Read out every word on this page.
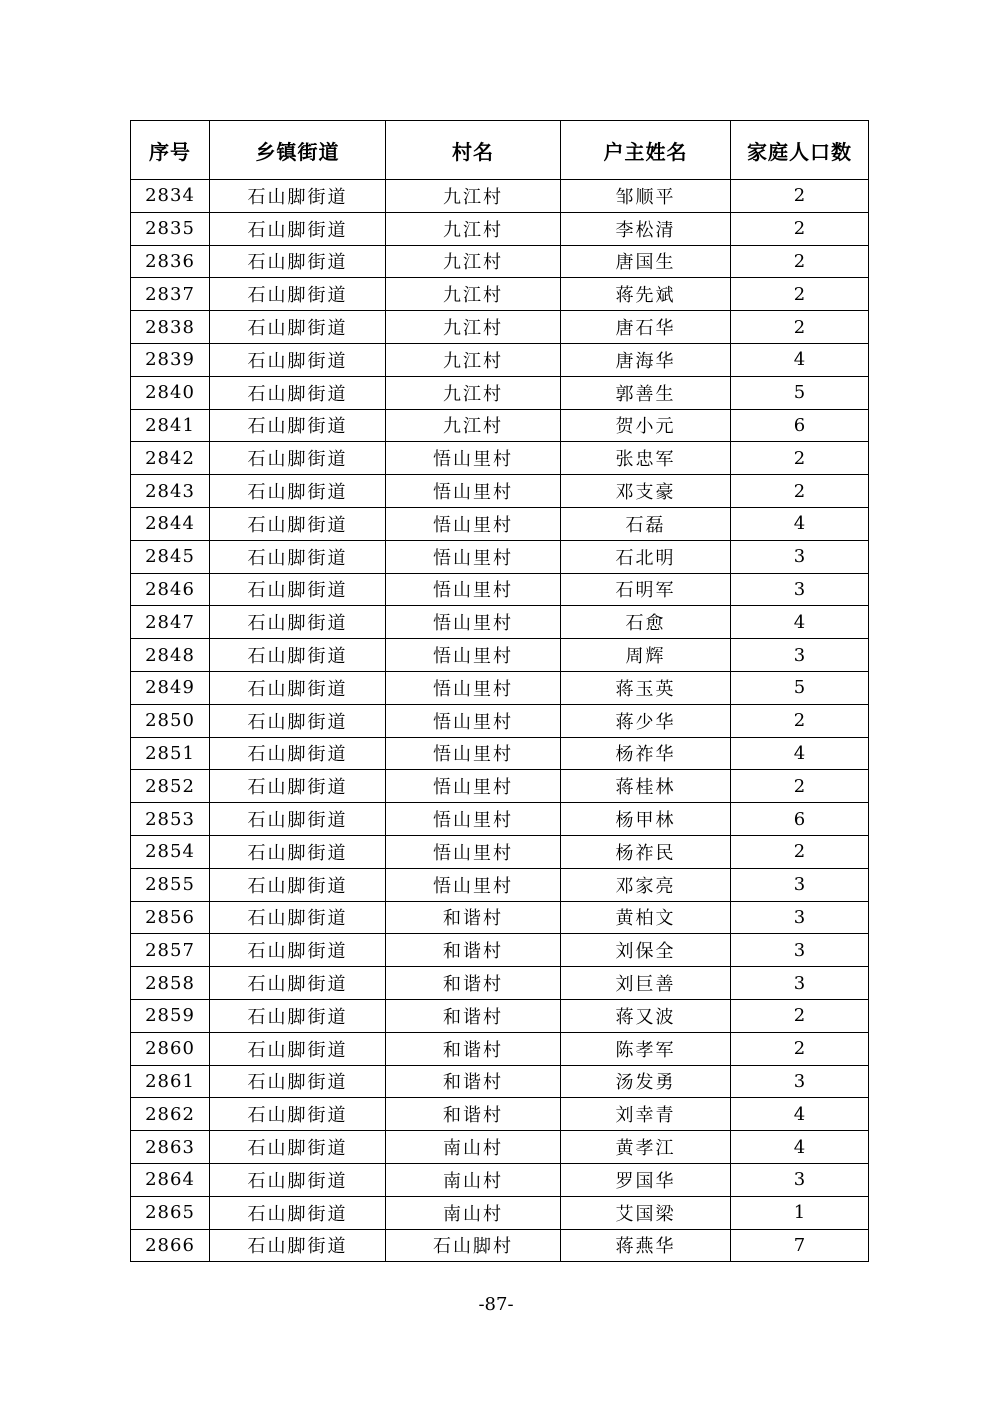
序号	乡镇街道	村名	户主姓名	家庭人口数
2834	石山脚街道	九江村	邹顺平	2
2835	石山脚街道	九江村	李松清	2
2836	石山脚街道	九江村	唐国生	2
2837	石山脚街道	九江村	蒋先斌	2
2838	石山脚街道	九江村	唐石华	2
2839	石山脚街道	九江村	唐海华	4
2840	石山脚街道	九江村	郭善生	5
2841	石山脚街道	九江村	贺小元	6
2842	石山脚街道	悟山里村	张忠军	2
2843	石山脚街道	悟山里村	邓支豪	2
2844	石山脚街道	悟山里村	石磊	4
2845	石山脚街道	悟山里村	石北明	3
2846	石山脚街道	悟山里村	石明军	3
2847	石山脚街道	悟山里村	石愈	4
2848	石山脚街道	悟山里村	周辉	3
2849	石山脚街道	悟山里村	蒋玉英	5
2850	石山脚街道	悟山里村	蒋少华	2
2851	石山脚街道	悟山里村	杨祚华	4
2852	石山脚街道	悟山里村	蒋桂林	2
2853	石山脚街道	悟山里村	杨甲林	6
2854	石山脚街道	悟山里村	杨祚民	2
2855	石山脚街道	悟山里村	邓家亮	3
2856	石山脚街道	和谐村	黄柏文	3
2857	石山脚街道	和谐村	刘保全	3
2858	石山脚街道	和谐村	刘巨善	3
2859	石山脚街道	和谐村	蒋又波	2
2860	石山脚街道	和谐村	陈孝军	2
2861	石山脚街道	和谐村	汤发勇	3
2862	石山脚街道	和谐村	刘幸青	4
2863	石山脚街道	南山村	黄孝江	4
2864	石山脚街道	南山村	罗国华	3
2865	石山脚街道	南山村	艾国梁	1
2866	石山脚街道	石山脚村	蒋燕华	7
-87-
